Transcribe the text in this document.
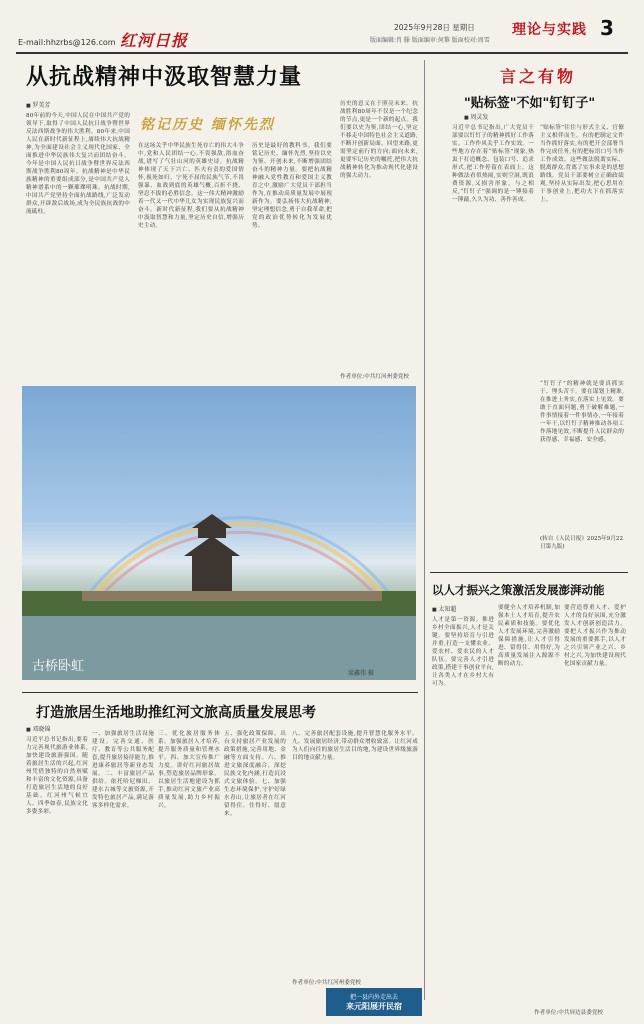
E-mail:hhzrbs@126.com 红河日报
2025年9月28日 星期日
版面编辑:肖 滕 版面编审:何黎 版面校对:周雪
理论与实践 3
从抗战精神中汲取智慧力量
■ 罗美芳
铭记历史 缅怀先烈
80年前的今天,中国人民在中国共产党的领导下,取得了中国人民抗日战争暨世界反法西斯战争的伟大胜利。80年来,中国人民在新时代新征程上,赓续伟大抗战精神,为全面建设社会主义现代化国家、全面推进中华民族伟大复兴而团结奋斗。今年是中国人民抗日战争暨世界反法西斯战争胜利80周年。抗战精神是中华民族精神的重要组成部分,是中国共产党人精神谱系中的一颗璀璨明珠。抗战时期,中国共产党坚持全面抗战路线,广泛发动群众,开辟敌后战场,成为全民族抗战的中流砥柱。
在这场关乎中华民族生死存亡的伟大斗争中,党和人民团结一心,不畏强敌,浴血奋战,谱写了气壮山河的英雄史诗。抗战精神体现了天下兴亡、匹夫有责的爱国情怀,视死如归、宁死不屈的民族气节,不畏强暴、血战到底的英雄气概,百折不挠、坚忍不拔的必胜信念。这一伟大精神激励着一代又一代中华儿女为实现民族复兴而奋斗。新时代新征程,我们要从抗战精神中汲取智慧和力量,坚定历史自信,增强历史主动。
历史是最好的教科书。我们要铭记历史、缅怀先烈,坚持以史为鉴、开创未来,不断增强团结奋斗的精神力量。要把抗战精神融入党性教育和爱国主义教育之中,激励广大党员干部担当作为,在推动高质量发展中展现新作为。要弘扬伟大抗战精神,坚定理想信念,勇于自我革命,把党的政治优势转化为发展优势。
历史的意义在于照亮未来。抗战胜利80周年不仅是一个纪念的节点,更是一个新的起点。我们要以史为鉴,团结一心,坚定不移走中国特色社会主义道路,不断开创新局面。回望来路,更需坚定前行的方向;面向未来,更要牢记历史的嘱托,把伟大抗战精神转化为推动现代化建设的强大动力。
作者单位:中共红河州委党校
古桥卧虹	梁鑫伟 摄
言之有物
"贴标签"不如"钉钉子"
■ 周灵发
习近平总书记指出,广大党员干部要以钉钉子的精神抓好工作落实。工作作风关乎工作实效。一些地方存在着“贴标签”现象,热衷于打造概念、包装口号、追求形式,把工作停留在表面上。这种做法看似热闹,实则空洞,既浪费资源,又损害形象。与之相反,“钉钉子”强调的是一锤接着一锤敲,久久为功、善作善成。
“贴标签”往往与形式主义、官僚主义相伴而生。有的把制定文件当作抓好落实,有的把开会部署当作完成任务,有的把标语口号当作工作成效。这些做法脱离实际、脱离群众,背离了实事求是的思想路线。党员干部要树立正确政绩观,坚持从实际出发,把心思用在干事创业上,把功夫下在抓落实上。
“钉钉子”的精神就是要真抓实干、埋头苦干。要在谋划上精准,在推进上务实,在落实上见效。要敢于直面问题,勇于破解难题,一件事情接着一件事情办,一年接着一年干,以钉钉子精神推动各项工作落地见效,不断提升人民群众的获得感、幸福感、安全感。
(转自《人民日报》2025年9月22日第九版)
以人才振兴之策激活发展澎湃动能
■ 太知超
人才是第一资源。推进乡村全面振兴,人才是关键。要坚持培育与引进并重,打造一支懂农业、爱农村、爱农民的人才队伍。要完善人才引进政策,搭建干事创业平台,让各类人才在乡村大有可为。
要健全人才培养机制,加强本土人才培育,提升农民素质和技能。要优化人才发展环境,完善激励保障措施,让人才引得进、留得住、用得好,为高质量发展注入源源不断的动力。
要营造尊重人才、爱护人才的良好氛围,充分激发人才创新创造活力。要把人才振兴作为推动发展的重要抓手,以人才之兴引领产业之兴、乡村之兴,为加快建设现代化国家贡献力量。
作者单位:中共屏边县委党校
打造旅居生活地助推红河文旅高质量发展思考
■ 邓晓锦
习近平总书记指出,要着力完善现代旅游业体系,加快建设旅游强国。随着旅居生活的兴起,红河州凭借独特的自然禀赋和丰富的文化资源,具备打造旅居生活地的良好基础。红河州气候宜人、四季如春,民族文化多姿多彩。
一、加强旅居生活设施建设。完善交通、医疗、教育等公共服务配套,提升旅居接待能力,推进康养旅居等新业态发展。二、丰富旅居产品供给。依托哈尼梯田、建水古城等文旅资源,开发特色旅居产品,满足游客多样化需求。
三、优化旅居服务体系。加强旅居人才培养,提升服务质量和管理水平。四、加大宣传推广力度。讲好红河旅居故事,塑造旅居品牌形象。以旅居生活地建设为抓手,推动红河文旅产业高质量发展,助力乡村振兴。
五、强化政策保障。出台支持旅居产业发展的政策措施,完善用地、金融等方面支持。六、推进文旅深度融合。深挖民族文化内涵,打造沉浸式文旅体验。七、加强生态环境保护,守护好绿水青山,让旅居者在红河留得住、住得好、愿意来。
八、完善旅居配套设施,提升智慧化服务水平。九、发展旅居经济,带动群众增收致富。让红河成为人们向往的旅居生活目的地,为建设世界级旅游目的地贡献力量。
作者单位:中共红河州委党校
把一县内外走出去
来元阳展开民宿
